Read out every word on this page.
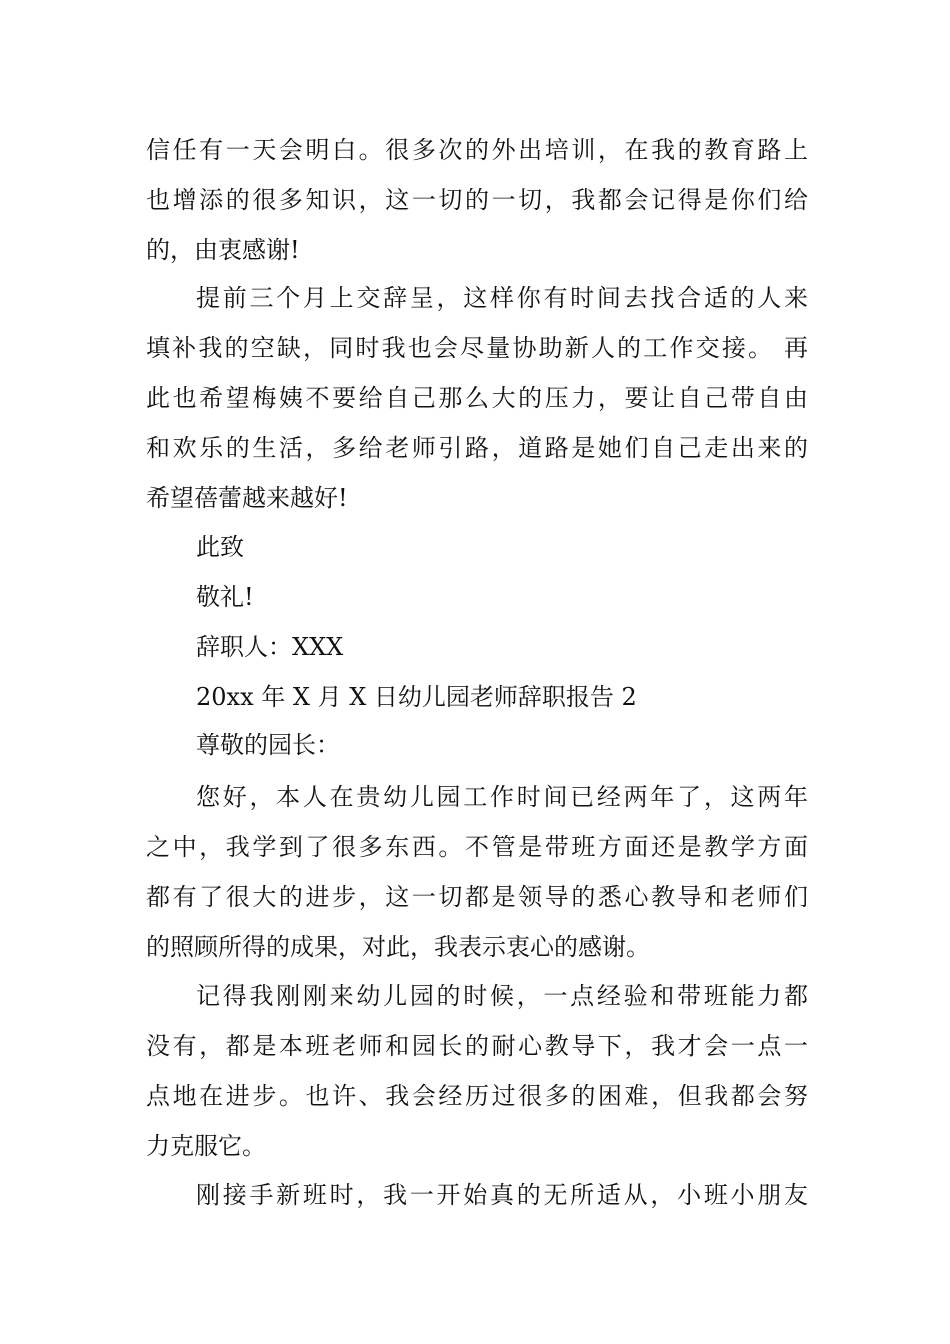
信任有一天会明白。很多次的外出培训，在我的教育路上
也增添的很多知识，这一切的一切，我都会记得是你们给
的，由衷感谢!
提前三个月上交辞呈，这样你有时间去找合适的人来
填补我的空缺，同时我也会尽量协助新人的工作交接。 再
此也希望梅姨不要给自己那么大的压力，要让自己带自由
和欢乐的生活，多给老师引路，道路是她们自己走出来的
希望蓓蕾越来越好!
此致
敬礼!
辞职人：XXX
20xx 年 X 月 X 日幼儿园老师辞职报告 2
尊敬的园长：
您好，本人在贵幼儿园工作时间已经两年了，这两年
之中，我学到了很多东西。不管是带班方面还是教学方面
都有了很大的进步，这一切都是领导的悉心教导和老师们
的照顾所得的成果，对此，我表示衷心的感谢。
记得我刚刚来幼儿园的时候，一点经验和带班能力都
没有，都是本班老师和园长的耐心教导下，我才会一点一
点地在进步。也许、我会经历过很多的困难，但我都会努
力克服它。
刚接手新班时，我一开始真的无所适从，小班小朋友
